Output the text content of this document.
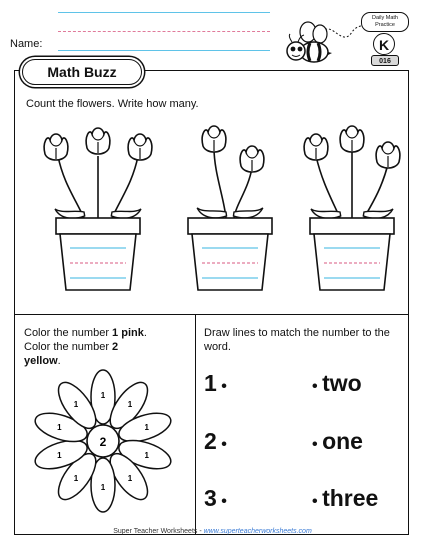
Name:
Daily Math
Practice
K
016
Math Buzz
Count the flowers. Write how many.
Color the number 1 pink.
Color the number 2
yellow.
1
1
1
1
1
1
1
1
1
1
2
Draw lines to match the number to the word.
1 •
2 •
3 •
• two
• one
• three
Super Teacher Worksheets - www.superteacherworksheets.com
